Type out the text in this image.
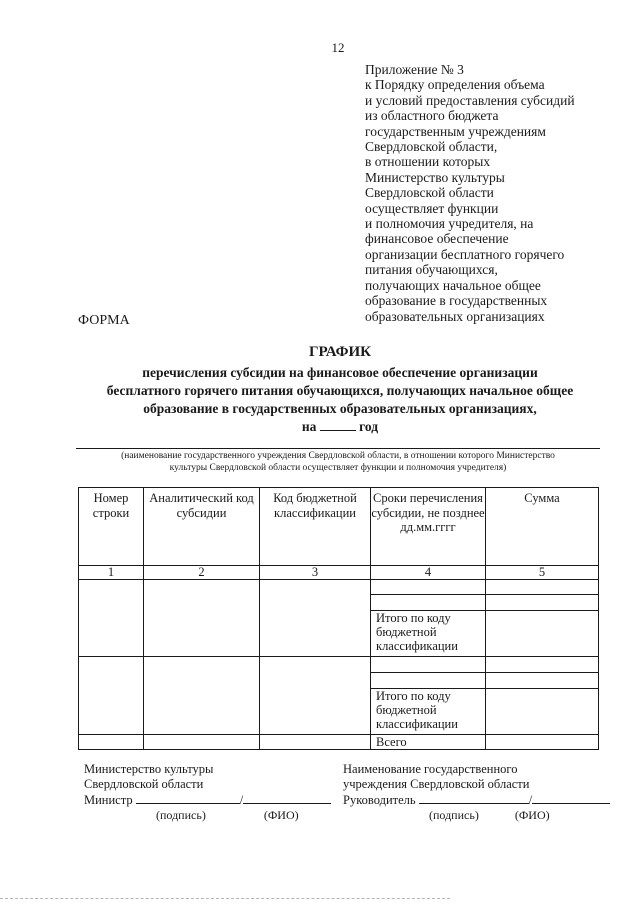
12
Приложение № 3
к Порядку определения объема
и условий предоставления субсидий
из областного бюджета
государственным учреждениям
Свердловской области,
в отношении которых
Министерство культуры
Свердловской области
осуществляет функции
и полномочия учредителя, на
финансовое обеспечение
организации бесплатного горячего
питания обучающихся,
получающих начальное общее
образование в государственных
образовательных организациях
ФОРМА
ГРАФИК
перечисления субсидии на финансовое обеспечение организации
бесплатного горячего питания обучающихся, получающих начальное общее
образование в государственных образовательных организациях,
на	год
(наименование государственного учреждения Свердловской области, в отношении которого Министерство
культуры Свердловской области осуществляет функции и полномочия учредителя)
Номер строки	Аналитический код субсидии	Код бюджетной классификации	Сроки перечисления субсидии, не позднее дд.мм.гггг	Сумма
1	2	3	4	5

			Итого по коду бюджетной классификации	

			Итого по коду бюджетной классификации	
			Всего	
Министерство культуры
Свердловской области
Министр	/
(подпись)	(ФИО)
Наименование государственного
учреждения Свердловской области
Руководитель	/
(подпись)	(ФИО)
